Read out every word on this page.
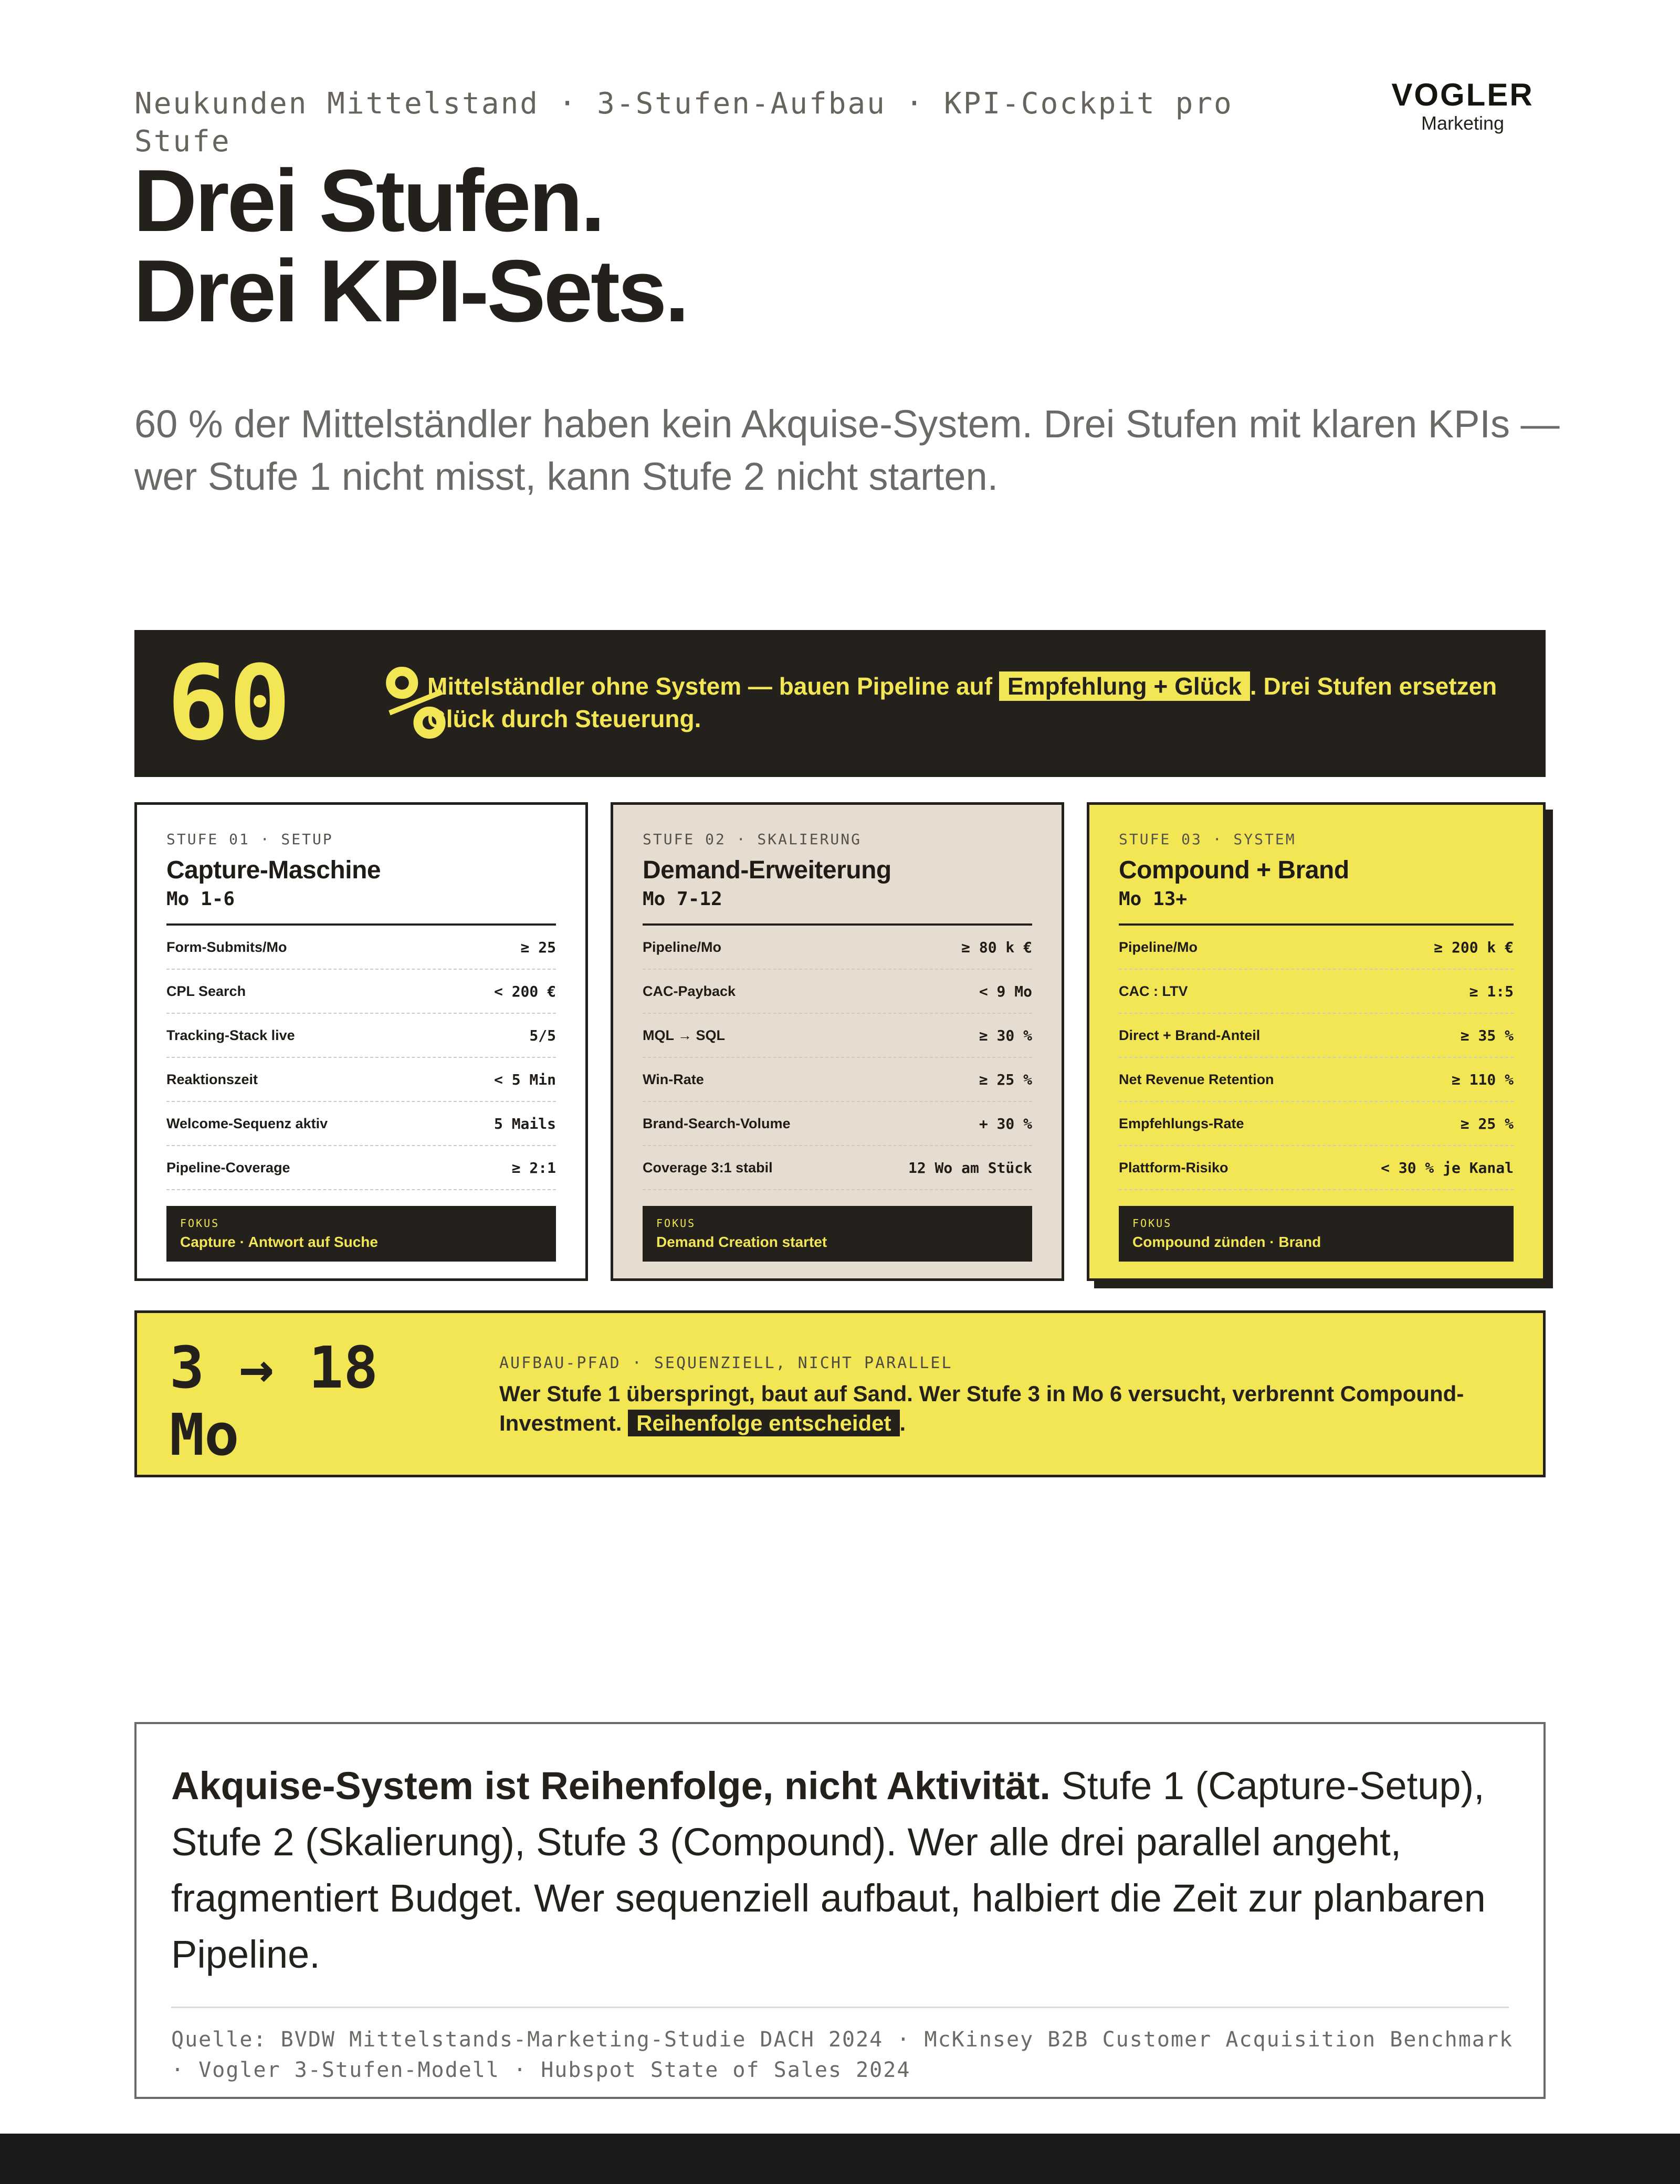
Neukunden Mittelstand · 3-Stufen-Aufbau · KPI-Cockpit pro Stufe
VOGLER
Marketing
Drei Stufen.
Drei KPI-Sets.
60 % der Mittelständler haben kein Akquise-System. Drei Stufen mit klaren KPIs — wer Stufe 1 nicht misst, kann Stufe 2 nicht starten.
60 %
Mittelständler ohne System — bauen Pipeline auf Empfehlung + Glück . Drei Stufen ersetzen Glück durch Steuerung.
STUFE 01 · SETUP
Capture-Maschine
Mo 1-6
Form-Submits/Mo	≥ 25
CPL Search	< 200 €
Tracking-Stack live	5/5
Reaktionszeit	< 5 Min
Welcome-Sequenz aktiv	5 Mails
Pipeline-Coverage	≥ 2:1
FOKUS
Capture · Antwort auf Suche
STUFE 02 · SKALIERUNG
Demand-Erweiterung
Mo 7-12
Pipeline/Mo	≥ 80 k €
CAC-Payback	< 9 Mo
MQL → SQL	≥ 30 %
Win-Rate	≥ 25 %
Brand-Search-Volume	+ 30 %
Coverage 3:1 stabil	12 Wo am Stück
FOKUS
Demand Creation startet
STUFE 03 · SYSTEM
Compound + Brand
Mo 13+
Pipeline/Mo	≥ 200 k €
CAC : LTV	≥ 1:5
Direct + Brand-Anteil	≥ 35 %
Net Revenue Retention	≥ 110 %
Empfehlungs-Rate	≥ 25 %
Plattform-Risiko	< 30 % je Kanal
FOKUS
Compound zünden · Brand
3 → 18
Mo
AUFBAU-PFAD · SEQUENZIELL, NICHT PARALLEL
Wer Stufe 1 überspringt, baut auf Sand. Wer Stufe 3 in Mo 6 versucht, verbrennt Compound-Investment. Reihenfolge entscheidet .
Akquise-System ist Reihenfolge, nicht Aktivität. Stufe 1 (Capture-Setup), Stufe 2 (Skalierung), Stufe 3 (Compound). Wer alle drei parallel angeht, fragmentiert Budget. Wer sequenziell aufbaut, halbiert die Zeit zur planbaren Pipeline.
Quelle: BVDW Mittelstands-Marketing-Studie DACH 2024 · McKinsey B2B Customer Acquisition Benchmark · Vogler 3-Stufen-Modell · Hubspot State of Sales 2024
